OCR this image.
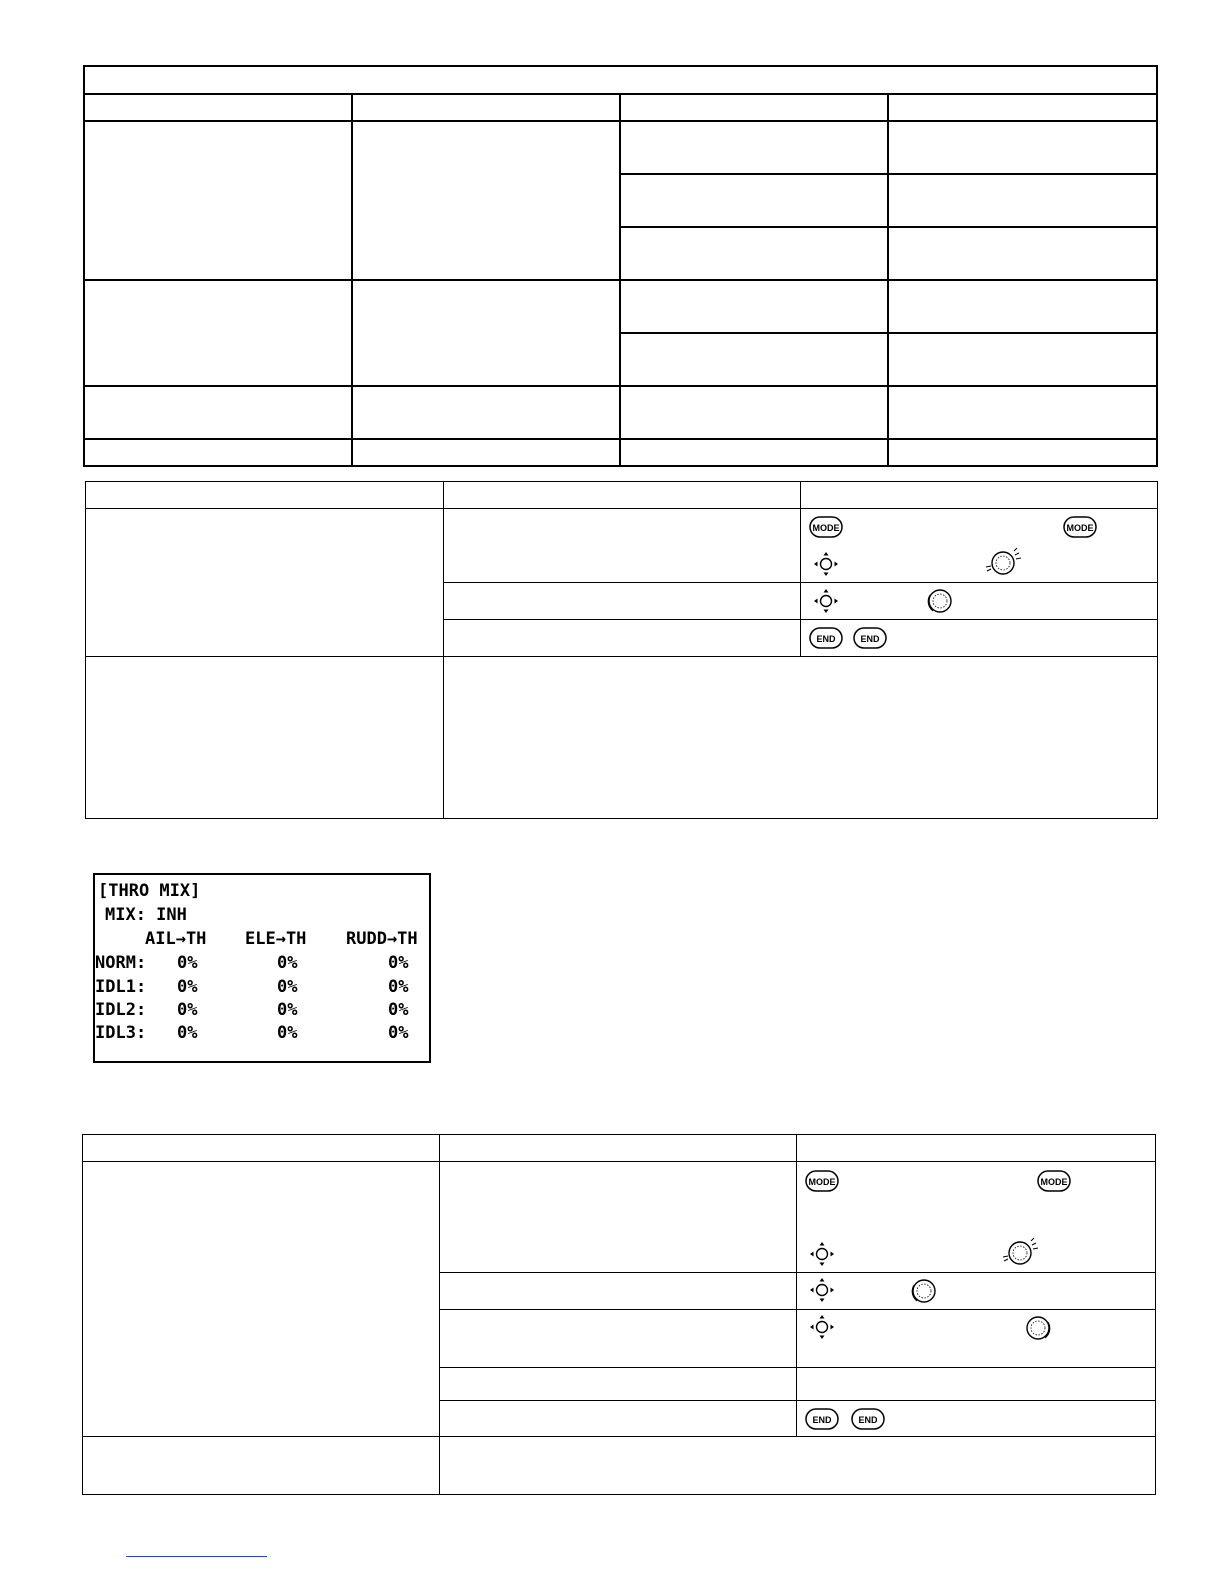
MODE MODE

END END

[THRO MIX]
MIX: INH
AIL→TH ELE→TH RUDD→TH
NORM: 0%	0%	0%
IDL1: 0%	0%	0%
IDL2: 0%	0%	0%
IDL3: 0%	0%	0%

MODE MODE

END END
